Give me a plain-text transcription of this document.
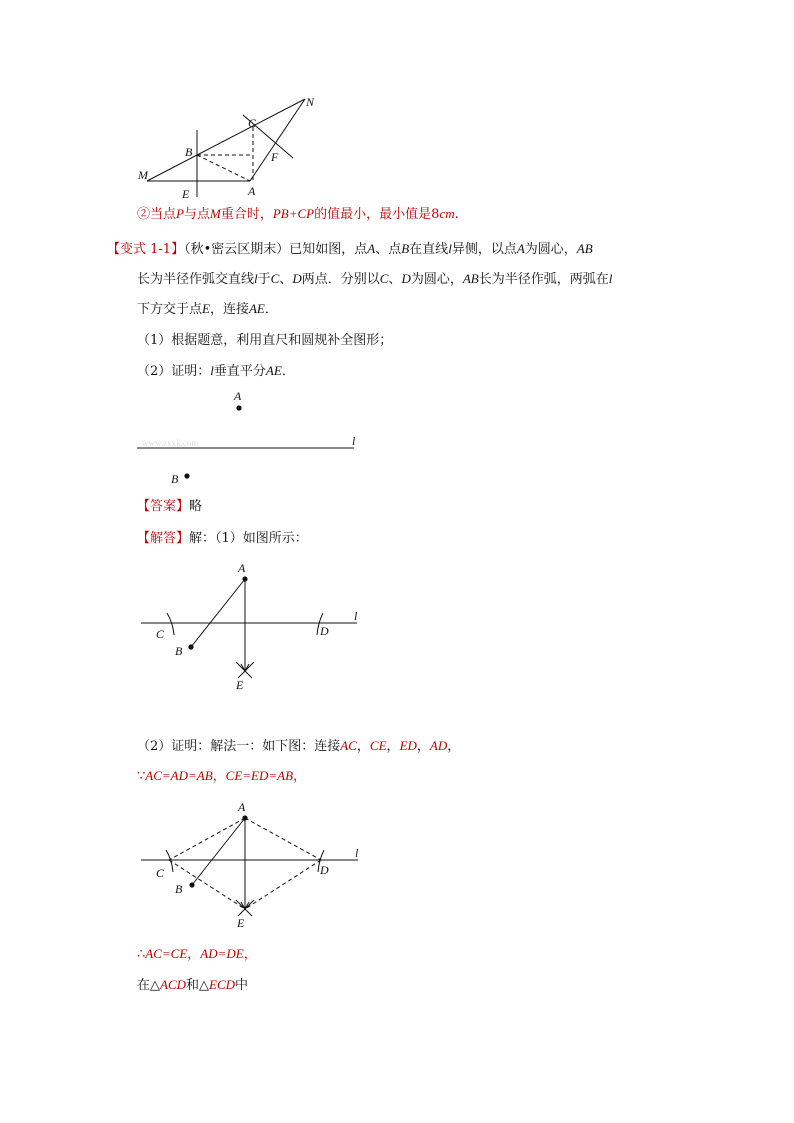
N
C
B	F
M
E	A
②当点P与点M重合时，PB+CP的值最小，最小值是8cm.
【变式 1-1】（秋•密云区期末）已知如图，点A、点B在直线l异侧，以点A为圆心，AB
长为半径作弧交直线l于C、D两点．分别以C、D为圆心，AB长为半径作弧，两弧在l
下方交于点E，连接AE．
（1）根据题意，利用直尺和圆规补全图形；
（2）证明：l垂直平分AE．
A
www.zxxk.com	l
B
【答案】略
【解答】解：（1）如图所示：
l
A
B
C	D
E
（2）证明：解法一：如下图：连接AC，CE，ED，AD，
∵AC=AD=AB，CE=ED=AB，
l
A
B
C	D
E
∴AC=CE，AD=DE，
在△ACD和△ECD中
